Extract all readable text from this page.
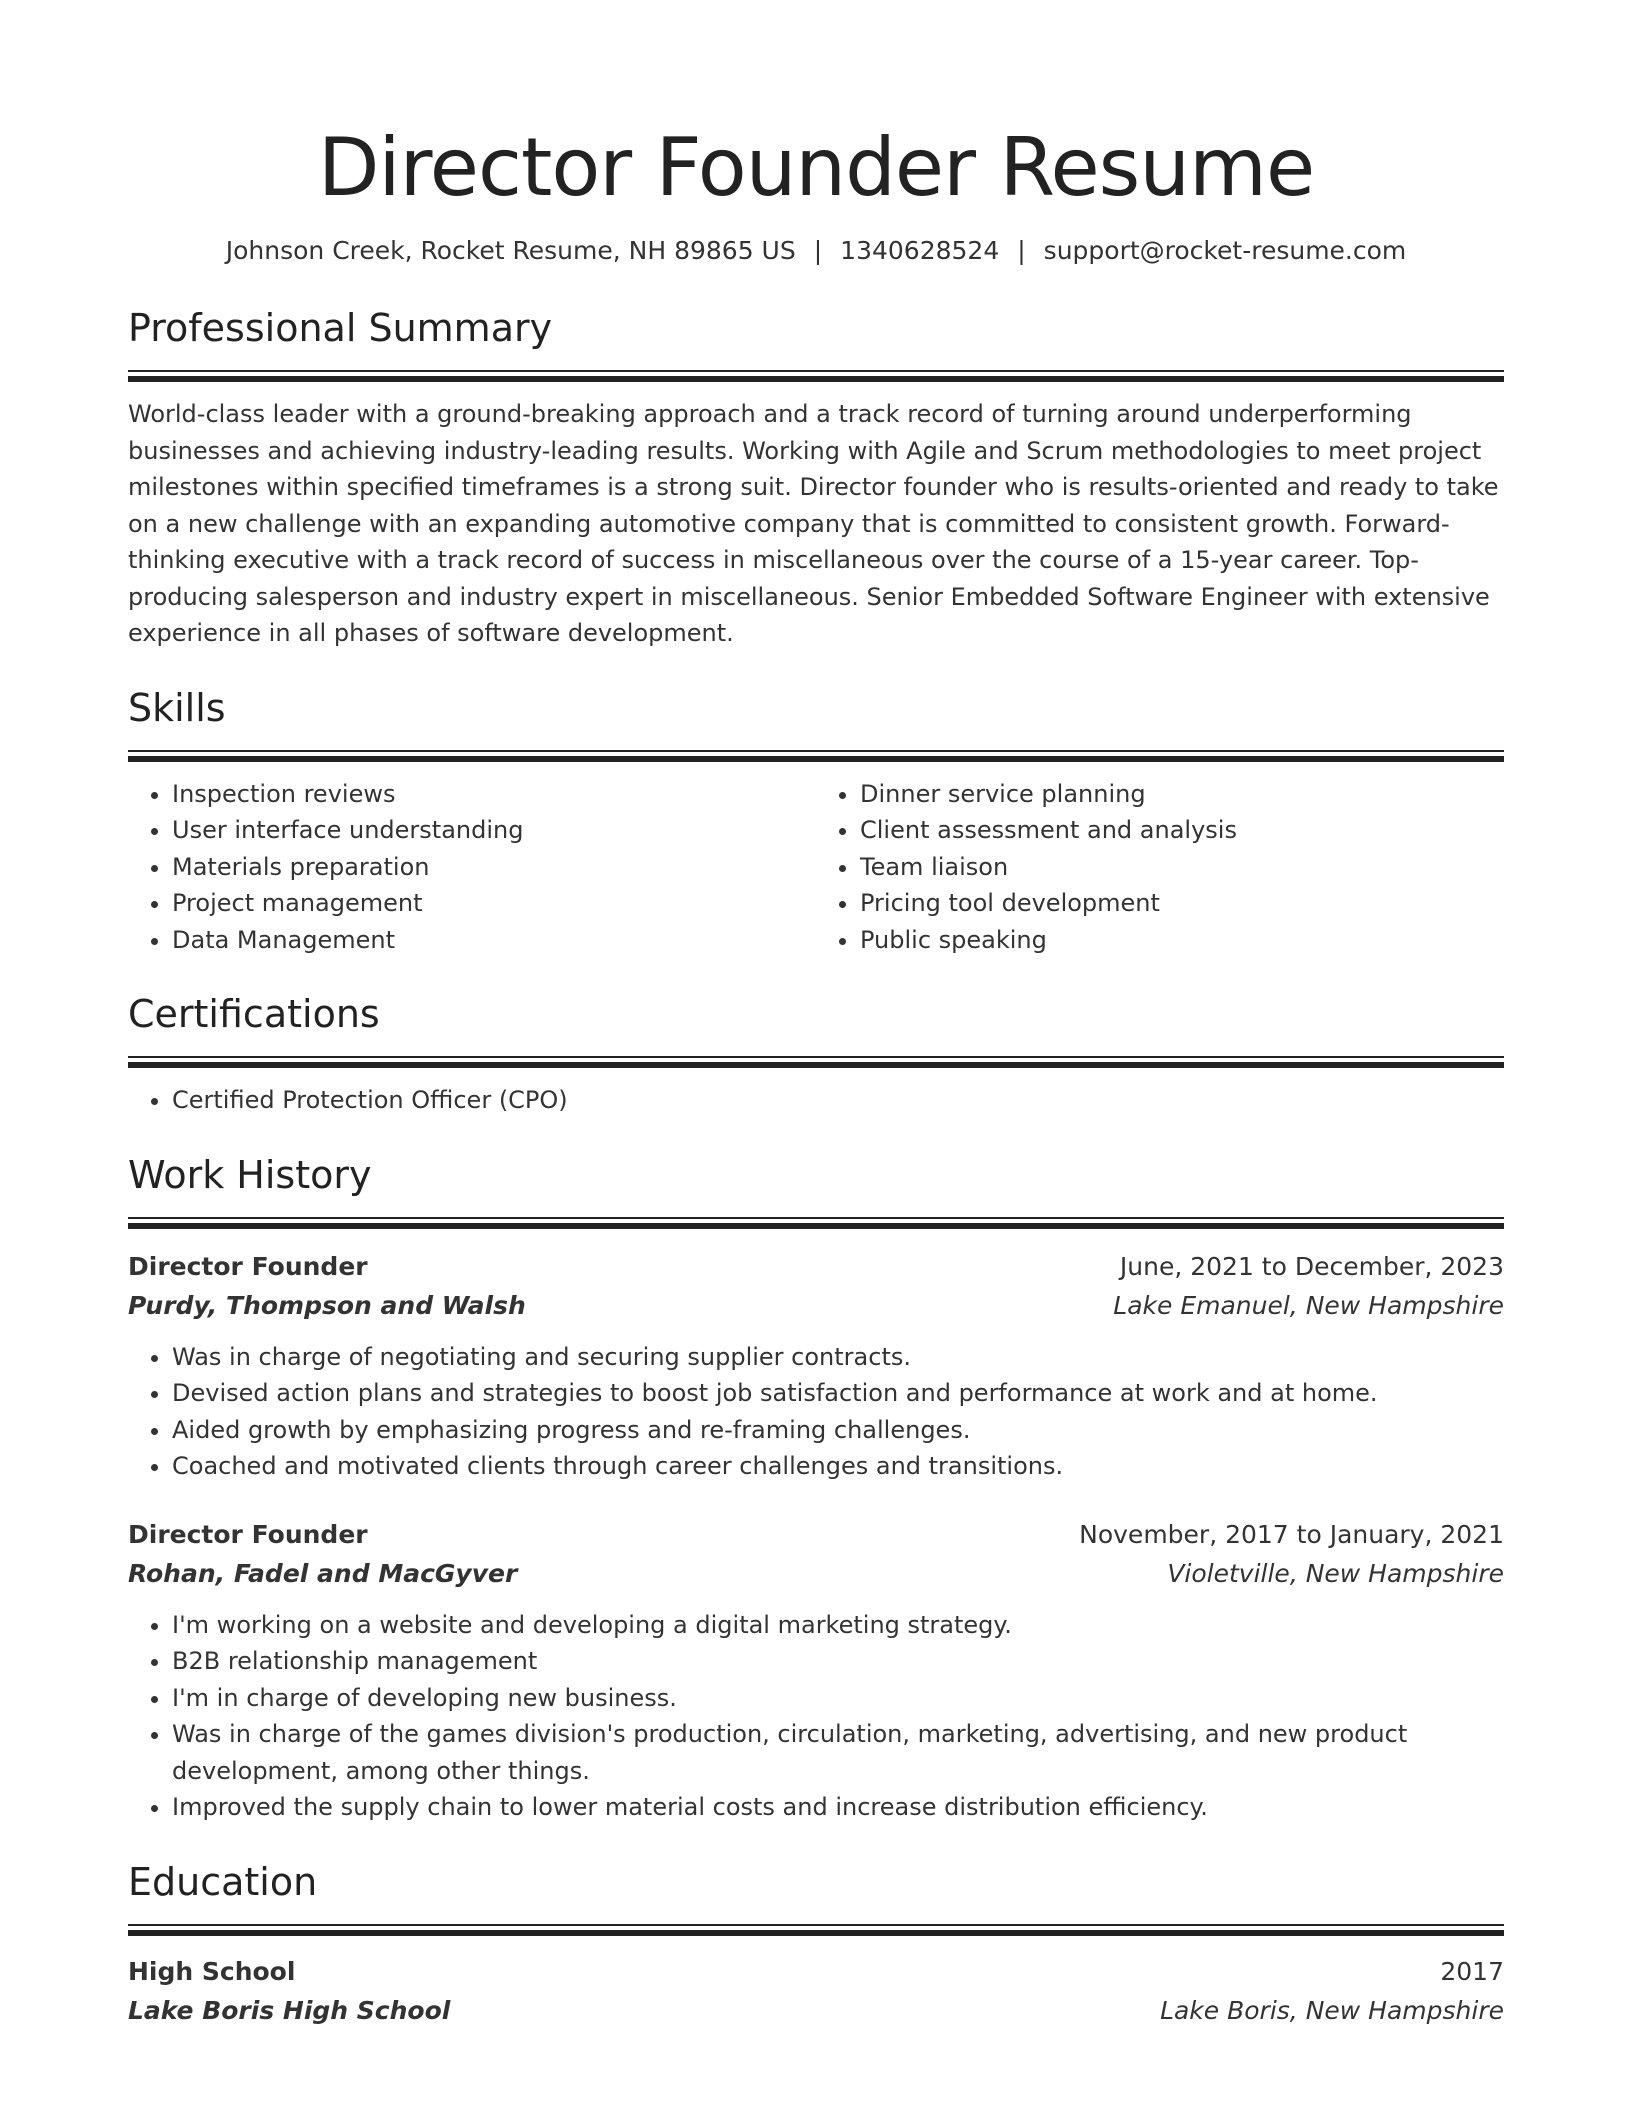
Director Founder Resume
Johnson Creek, Rocket Resume, NH 89865 US | 1340628524 | support@rocket-resume.com
Professional Summary
World-class leader with a ground-breaking approach and a track record of turning around underperforming businesses and achieving industry-leading results. Working with Agile and Scrum methodologies to meet project milestones within specified timeframes is a strong suit. Director founder who is results-oriented and ready to take on a new challenge with an expanding automotive company that is committed to consistent growth. Forward-thinking executive with a track record of success in miscellaneous over the course of a 15-year career. Top-producing salesperson and industry expert in miscellaneous. Senior Embedded Software Engineer with extensive experience in all phases of software development.
Skills
• Inspection reviews
• User interface understanding
• Materials preparation
• Project management
• Data Management
• Dinner service planning
• Client assessment and analysis
• Team liaison
• Pricing tool development
• Public speaking
Certifications
• Certified Protection Officer (CPO)
Work History
Director Founder	June, 2021 to December, 2023
Purdy, Thompson and Walsh	Lake Emanuel, New Hampshire
• Was in charge of negotiating and securing supplier contracts.
• Devised action plans and strategies to boost job satisfaction and performance at work and at home.
• Aided growth by emphasizing progress and re-framing challenges.
• Coached and motivated clients through career challenges and transitions.
Director Founder	November, 2017 to January, 2021
Rohan, Fadel and MacGyver	Violetville, New Hampshire
• I'm working on a website and developing a digital marketing strategy.
• B2B relationship management
• I'm in charge of developing new business.
• Was in charge of the games division's production, circulation, marketing, advertising, and new product development, among other things.
• Improved the supply chain to lower material costs and increase distribution efficiency.
Education
High School	2017
Lake Boris High School	Lake Boris, New Hampshire
